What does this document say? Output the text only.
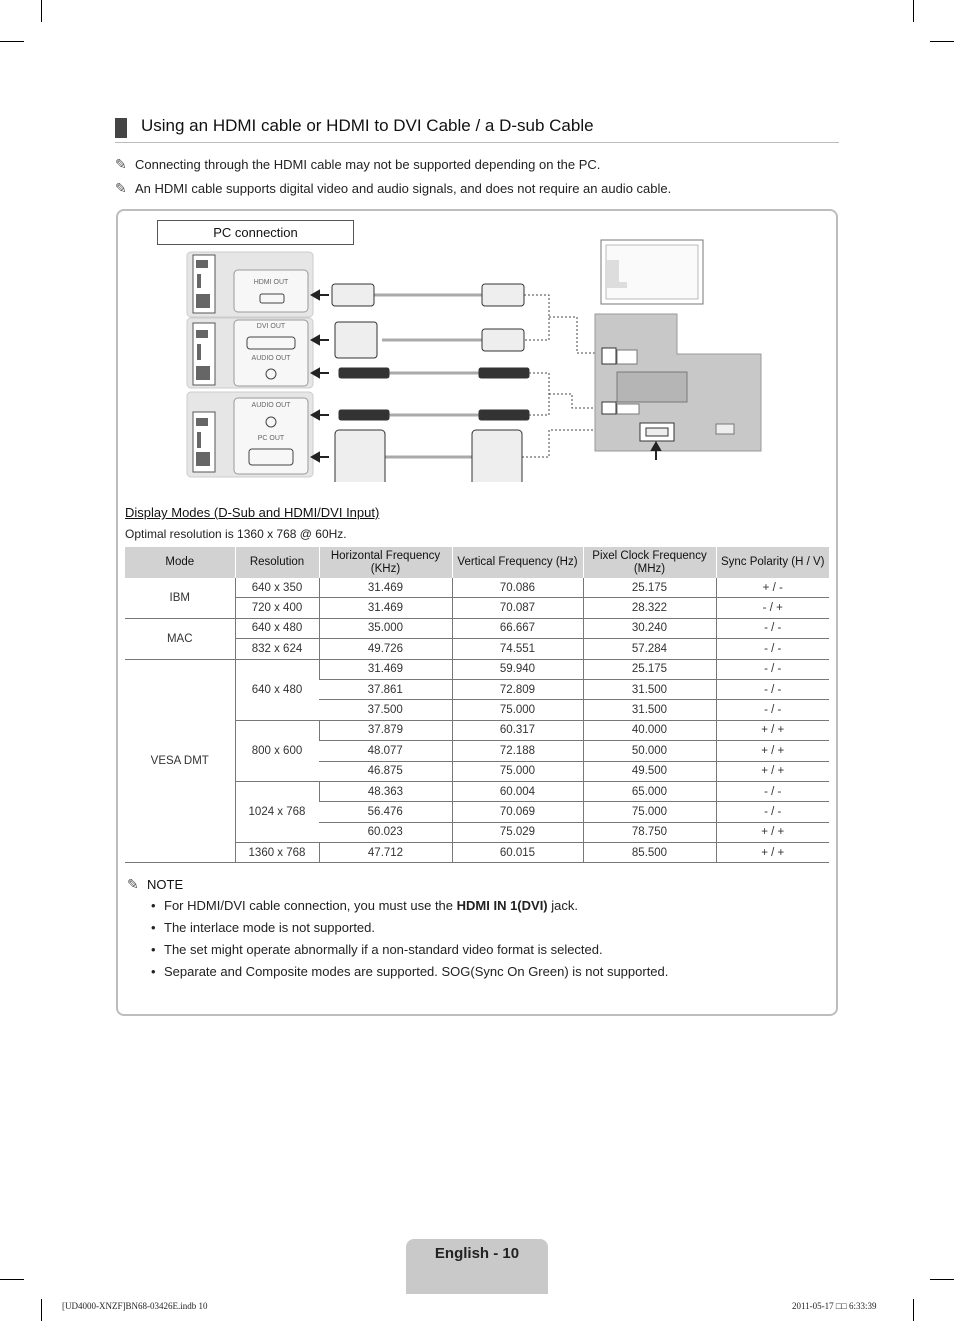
Using an HDMI cable or HDMI to DVI Cable / a D-sub Cable
✎ Connecting through the HDMI cable may not be supported depending on the PC.
✎ An HDMI cable supports digital video and audio signals, and does not require an audio cable.
PC connection
HDMI OUT
DVI OUT
AUDIO OUT
AUDIO OUT
PC OUT
Display Modes (D-Sub and HDMI/DVI Input)
Optimal resolution is 1360 x 768 @ 60Hz.
Mode	Resolution	Horizontal Frequency (KHz)	Vertical Frequency (Hz)	Pixel Clock Frequency (MHz)	Sync Polarity (H / V)
IBM	640 x 350	31.469	70.086	25.175	+ / -
	720 x 400	31.469	70.087	28.322	- / +
MAC	640 x 480	35.000	66.667	30.240	- / -
	832 x 624	49.726	74.551	57.284	- / -
VESA DMT	640 x 480	31.469	59.940	25.175	- / -
		37.861	72.809	31.500	- / -
		37.500	75.000	31.500	- / -
	800 x 600	37.879	60.317	40.000	+ / +
		48.077	72.188	50.000	+ / +
		46.875	75.000	49.500	+ / +
	1024 x 768	48.363	60.004	65.000	- / -
		56.476	70.069	75.000	- / -
		60.023	75.029	78.750	+ / +
	1360 x 768	47.712	60.015	85.500	+ / +
✎ NOTE
• For HDMI/DVI cable connection, you must use the HDMI IN 1(DVI) jack.
• The interlace mode is not supported.
• The set might operate abnormally if a non-standard video format is selected.
• Separate and Composite modes are supported. SOG(Sync On Green) is not supported.
English - 10
[UD4000-XNZF]BN68-03426E.indb 10	2011-05-17 □□ 6:33:39
